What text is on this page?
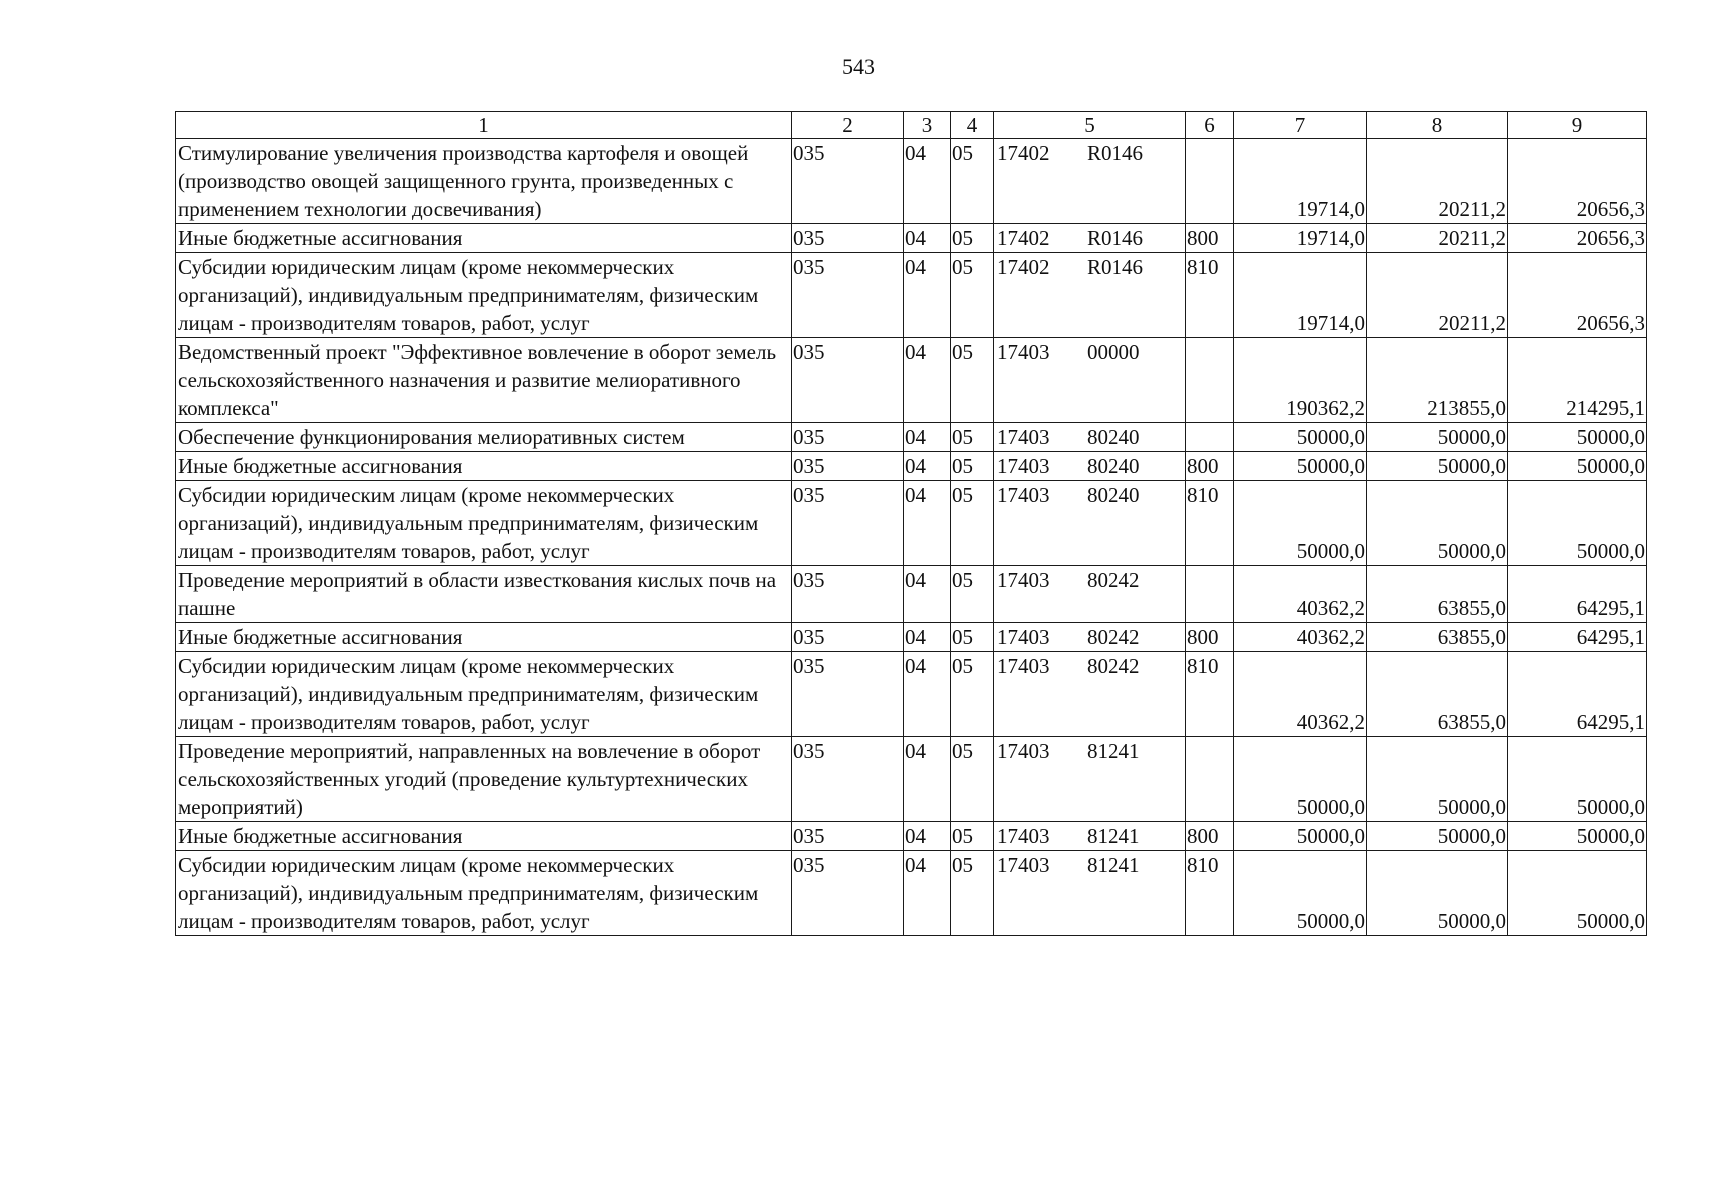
543
1	2	3	4	5	6	7	8	9
Стимулирование увеличения производства картофеля и овощей (производство овощей защищенного грунта, произведенных с применением технологии досвечивания)	035	04	05	17402 R0146		19714,0	20211,2	20656,3
Иные бюджетные ассигнования	035	04	05	17402 R0146	800	19714,0	20211,2	20656,3
Субсидии юридическим лицам (кроме некоммерческих организаций), индивидуальным предпринимателям, физическим лицам - производителям товаров, работ, услуг	035	04	05	17402 R0146	810	19714,0	20211,2	20656,3
Ведомственный проект "Эффективное вовлечение в оборот земель сельскохозяйственного назначения и развитие мелиоративного комплекса"	035	04	05	17403 00000		190362,2	213855,0	214295,1
Обеспечение функционирования мелиоративных систем	035	04	05	17403 80240		50000,0	50000,0	50000,0
Иные бюджетные ассигнования	035	04	05	17403 80240	800	50000,0	50000,0	50000,0
Субсидии юридическим лицам (кроме некоммерческих организаций), индивидуальным предпринимателям, физическим лицам - производителям товаров, работ, услуг	035	04	05	17403 80240	810	50000,0	50000,0	50000,0
Проведение мероприятий в области известкования кислых почв на пашне	035	04	05	17403 80242		40362,2	63855,0	64295,1
Иные бюджетные ассигнования	035	04	05	17403 80242	800	40362,2	63855,0	64295,1
Субсидии юридическим лицам (кроме некоммерческих организаций), индивидуальным предпринимателям, физическим лицам - производителям товаров, работ, услуг	035	04	05	17403 80242	810	40362,2	63855,0	64295,1
Проведение мероприятий, направленных на вовлечение в оборот сельскохозяйственных угодий (проведение культуртехнических мероприятий)	035	04	05	17403 81241		50000,0	50000,0	50000,0
Иные бюджетные ассигнования	035	04	05	17403 81241	800	50000,0	50000,0	50000,0
Субсидии юридическим лицам (кроме некоммерческих организаций), индивидуальным предпринимателям, физическим лицам - производителям товаров, работ, услуг	035	04	05	17403 81241	810	50000,0	50000,0	50000,0
